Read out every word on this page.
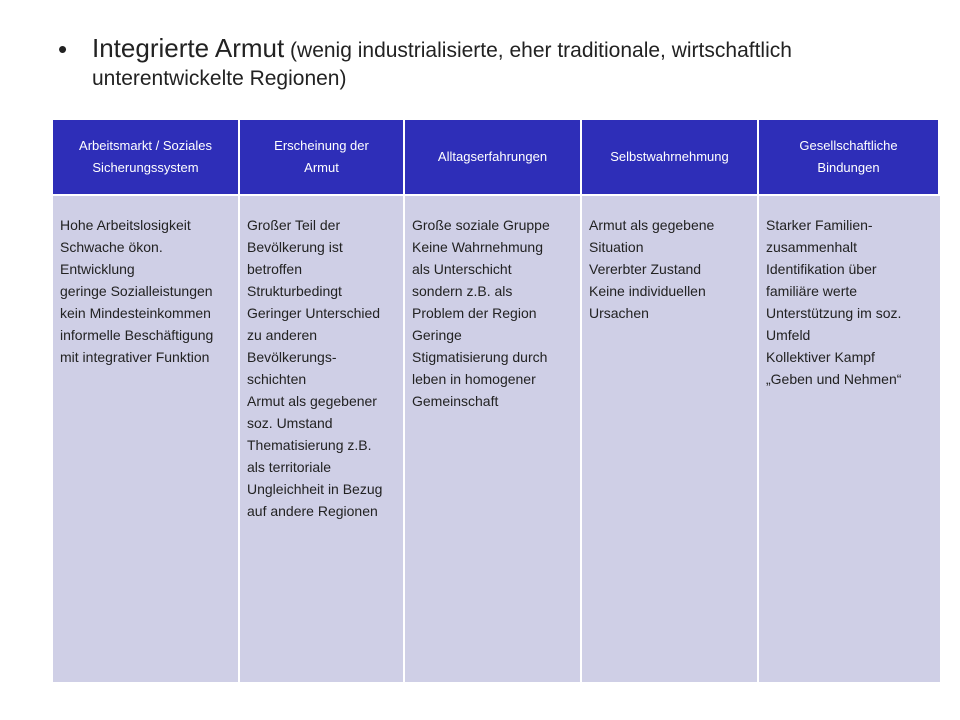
• Integrierte Armut (wenig industrialisierte, eher traditionale, wirtschaftlich unterentwickelte Regionen)
Arbeitsmarkt / Soziales
Sicherungssystem
Erscheinung der
Armut
Alltagserfahrungen	Selbstwahrnehmung
Gesellschaftliche
Bindungen
Hohe Arbeitslosigkeit
Schwache ökon.
Entwicklung
geringe Sozialleistungen
kein Mindesteinkommen
informelle Beschäftigung
mit integrativer Funktion
Großer Teil der
Bevölkerung ist
betroffen
Strukturbedingt
Geringer Unterschied
zu anderen
Bevölkerungs-
schichten
Armut als gegebener
soz. Umstand
Thematisierung z.B.
als territoriale
Ungleichheit in Bezug
auf andere Regionen
Große soziale Gruppe
Keine Wahrnehmung
als Unterschicht
sondern z.B. als
Problem der Region
Geringe
Stigmatisierung durch
leben in homogener
Gemeinschaft
Armut als gegebene
Situation
Vererbter Zustand
Keine individuellen
Ursachen
Starker Familien-
zusammenhalt
Identifikation über
familiäre werte
Unterstützung im soz.
Umfeld
Kollektiver Kampf
„Geben und Nehmen“
